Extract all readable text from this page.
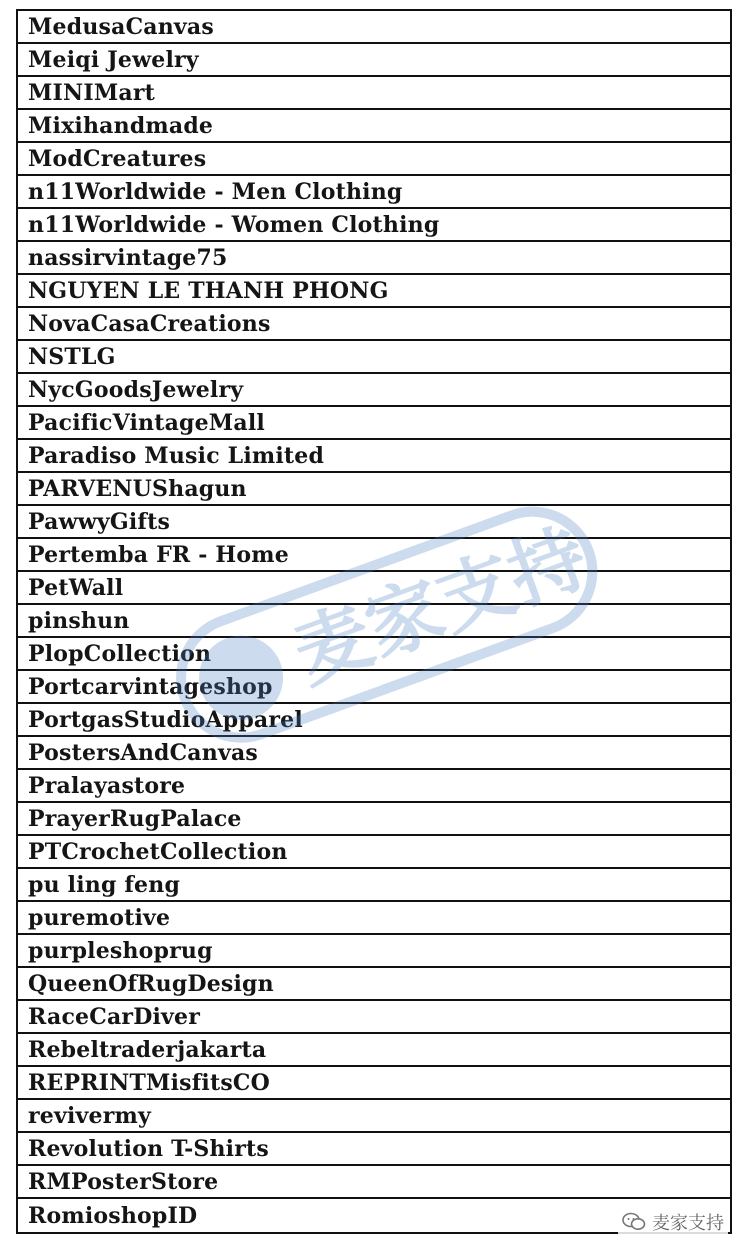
MedusaCanvas
Meiqi Jewelry
MINIMart
Mixihandmade
ModCreatures
n11Worldwide - Men Clothing
n11Worldwide - Women Clothing
nassirvintage75
NGUYEN LE THANH PHONG
NovaCasaCreations
NSTLG
NycGoodsJewelry
PacificVintageMall
Paradiso Music Limited
PARVENUShagun
PawwyGifts
Pertemba FR - Home
PetWall
pinshun
PlopCollection
Portcarvintageshop
PortgasStudioApparel
PostersAndCanvas
Pralayastore
PrayerRugPalace
PTCrochetCollection
pu ling feng
puremotive
purpleshoprug
QueenOfRugDesign
RaceCarDiver
Rebeltraderjakarta
REPRINTMisfitsCO
revivermy
Revolution T-Shirts
RMPosterStore
RomioshopID
麦家支持
麦家支持
